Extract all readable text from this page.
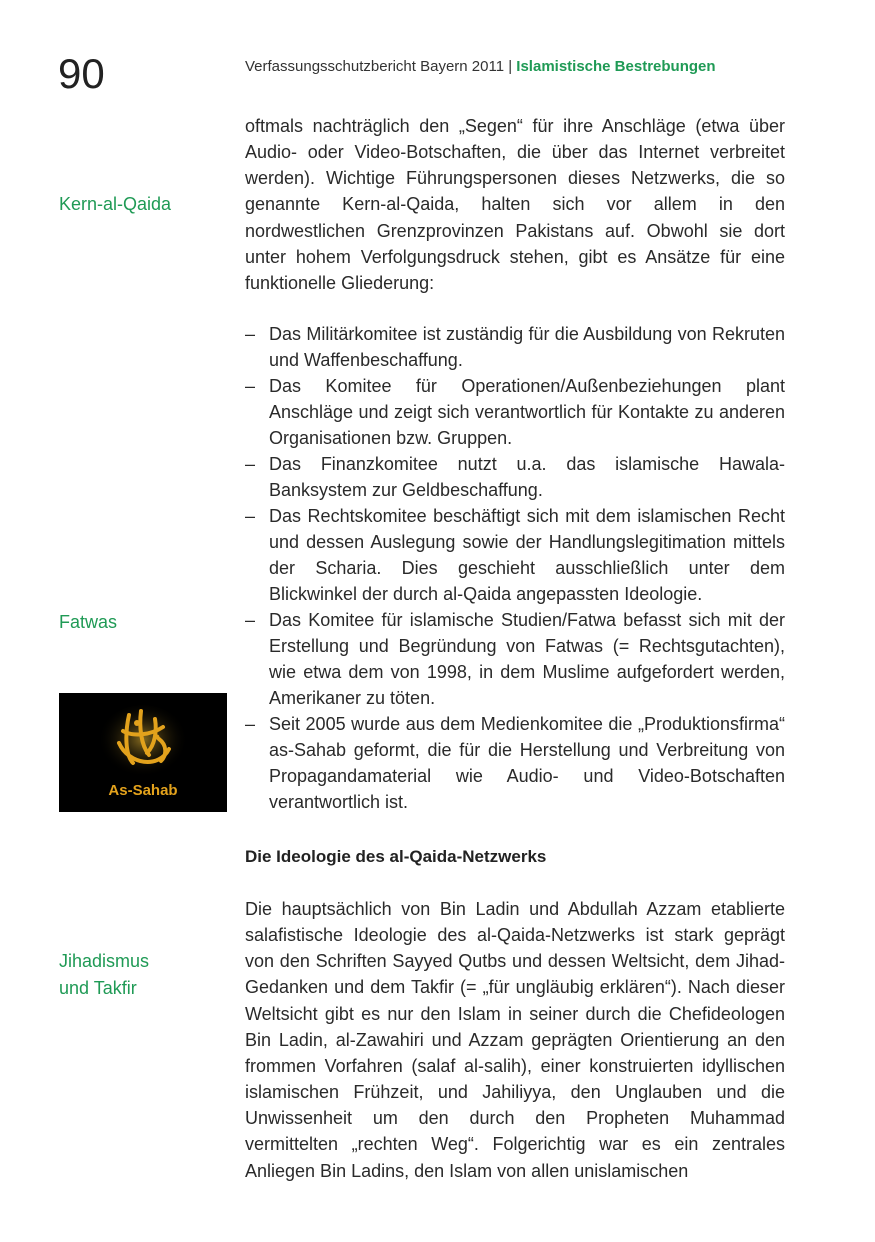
90	Verfassungsschutzbericht Bayern 2011 | Islamistische Bestrebungen
Kern-al-Qaida
Fatwas
Jihadismus
und Takfir
As-Sahab
oftmals nachträglich den „Segen“ für ihre Anschläge (etwa über Audio- oder Video-Botschaften, die über das Internet verbreitet werden). Wichtige Führungspersonen dieses Netzwerks, die so genannte Kern-al-Qaida, halten sich vor allem in den nordwestlichen Grenzprovinzen Pakistans auf. Obwohl sie dort unter hohem Verfolgungsdruck stehen, gibt es Ansätze für eine funktionelle Gliederung:
– Das Militärkomitee ist zuständig für die Ausbildung von Rekruten und Waffenbeschaffung.
– Das Komitee für Operationen/Außenbeziehungen plant Anschläge und zeigt sich verantwortlich für Kontakte zu anderen Organisationen bzw. Gruppen.
– Das Finanzkomitee nutzt u.a. das islamische Hawala-Banksystem zur Geldbeschaffung.
– Das Rechtskomitee beschäftigt sich mit dem islamischen Recht und dessen Auslegung sowie der Handlungslegitimation mittels der Scharia. Dies geschieht ausschließlich unter dem Blickwinkel der durch al-Qaida angepassten Ideologie.
– Das Komitee für islamische Studien/Fatwa befasst sich mit der Erstellung und Begründung von Fatwas (= Rechtsgutachten), wie etwa dem von 1998, in dem Muslime aufgefordert werden, Amerikaner zu töten.
– Seit 2005 wurde aus dem Medienkomitee die „Produktionsfirma“ as-Sahab geformt, die für die Herstellung und Verbreitung von Propagandamaterial wie Audio- und Video-Botschaften verantwortlich ist.
Die Ideologie des al-Qaida-Netzwerks
Die hauptsächlich von Bin Ladin und Abdullah Azzam etablierte salafistische Ideologie des al-Qaida-Netzwerks ist stark geprägt von den Schriften Sayyed Qutbs und dessen Weltsicht, dem Jihad-Gedanken und dem Takfir (= „für ungläubig erklären“). Nach dieser Weltsicht gibt es nur den Islam in seiner durch die Chefideologen Bin Ladin, al-Zawahiri und Azzam geprägten Orientierung an den frommen Vorfahren (salaf al-salih), einer konstruierten idyllischen islamischen Frühzeit, und Jahiliyya, den Unglauben und die Unwissenheit um den durch den Propheten Muhammad vermittelten „rechten Weg“. Folgerichtig war es ein zentrales Anliegen Bin Ladins, den Islam von allen unislamischen
